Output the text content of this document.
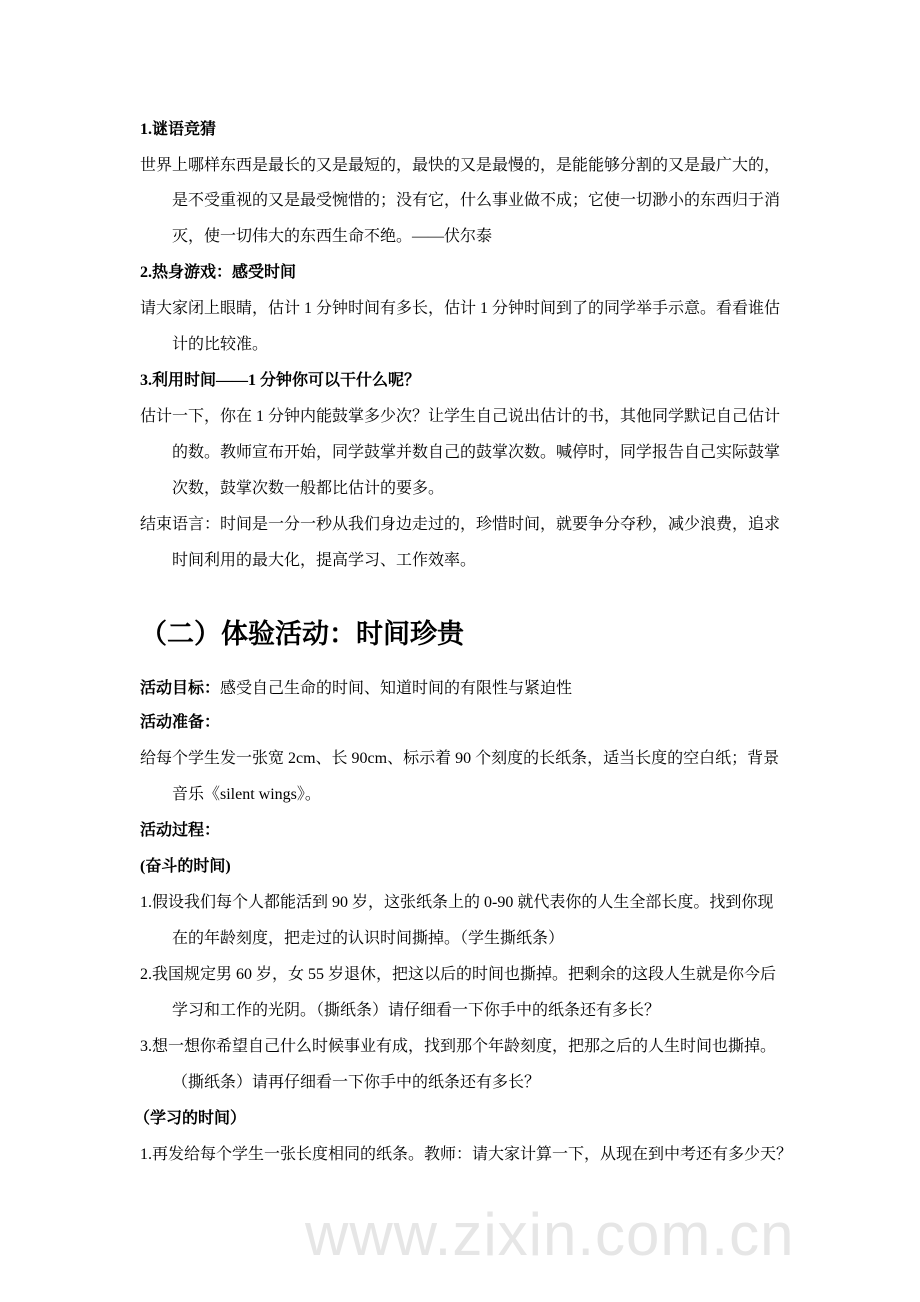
www.zixin.com.cn
1.谜语竞猜
世界上哪样东西是最长的又是最短的，最快的又是最慢的，是能能够分割的又是最广大的，
是不受重视的又是最受惋惜的；没有它，什么事业做不成；它使一切渺小的东西归于消
灭，使一切伟大的东西生命不绝。——伏尔泰
2.热身游戏：感受时间
请大家闭上眼睛，估计 1 分钟时间有多长，估计 1 分钟时间到了的同学举手示意。看看谁估
计的比较准。
3.利用时间——1 分钟你可以干什么呢？
估计一下，你在 1 分钟内能鼓掌多少次？让学生自己说出估计的书，其他同学默记自己估计
的数。教师宣布开始，同学鼓掌并数自己的鼓掌次数。喊停时，同学报告自己实际鼓掌
次数，鼓掌次数一般都比估计的要多。
结束语言：时间是一分一秒从我们身边走过的，珍惜时间，就要争分夺秒，减少浪费，追求
时间利用的最大化，提高学习、工作效率。
（二）体验活动：时间珍贵
活动目标：感受自己生命的时间、知道时间的有限性与紧迫性
活动准备：
给每个学生发一张宽 2cm、长 90cm、标示着 90 个刻度的长纸条，适当长度的空白纸；背景
音乐《silent wings》。
活动过程：
(奋斗的时间)
1.假设我们每个人都能活到 90 岁，这张纸条上的 0-90 就代表你的人生全部长度。找到你现
在的年龄刻度，把走过的认识时间撕掉。（学生撕纸条）
2.我国规定男 60 岁，女 55 岁退休，把这以后的时间也撕掉。把剩余的这段人生就是你今后
学习和工作的光阴。（撕纸条）请仔细看一下你手中的纸条还有多长？
3.想一想你希望自己什么时候事业有成，找到那个年龄刻度，把那之后的人生时间也撕掉。
（撕纸条）请再仔细看一下你手中的纸条还有多长？
（学习的时间）
1.再发给每个学生一张长度相同的纸条。教师：请大家计算一下，从现在到中考还有多少天？
